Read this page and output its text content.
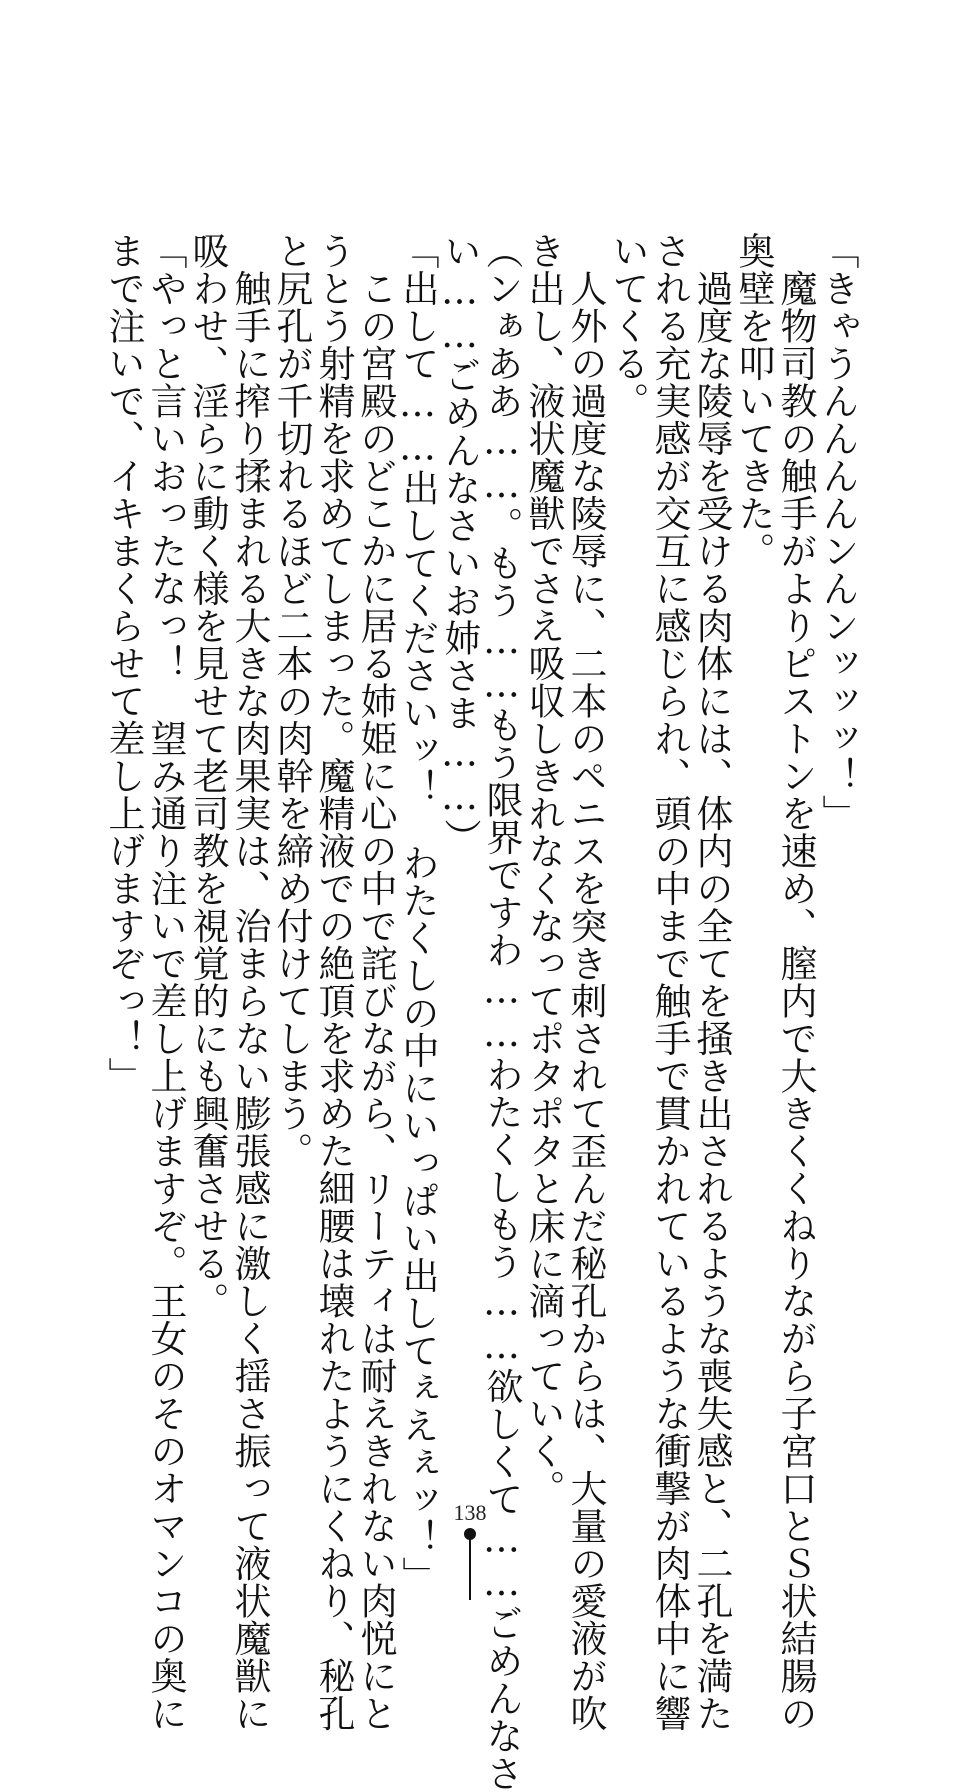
「きゃうんんんんンんンッッッ！」
　魔物司教の触手がよりピストンを速め、膣内で大きくくねりながら子宮口とＳ状結腸の
奥壁を叩いてきた。
　過度な陵辱を受ける肉体には、体内の全てを掻き出されるような喪失感と、二孔を満た
される充実感が交互に感じられ、頭の中まで触手で貫かれているような衝撃が肉体中に響
いてくる。
　人外の過度な陵辱に、二本のペニスを突き刺されて歪んだ秘孔からは、大量の愛液が吹
き出し、液状魔獣でさえ吸収しきれなくなってポタポタと床に滴っていく。
（ンぁああ……。もう……もう限界ですわ……わたくしもう……欲しくて……ごめんなさ
い……ごめんなさいお姉さま……）
「出して……出してくださいッ！　わたくしの中にいっぱい出してぇえぇッ！」
　この宮殿のどこかに居る姉姫に心の中で詫びながら、リーティは耐えきれない肉悦にと
うとう射精を求めてしまった。魔精液での絶頂を求めた細腰は壊れたようにくねり、秘孔
と尻孔が千切れるほど二本の肉幹を締め付けてしまう。
　触手に搾り揉まれる大きな肉果実は、治まらない膨張感に激しく揺さ振って液状魔獣に
吸わせ、淫らに動く様を見せて老司教を視覚的にも興奮させる。
「やっと言いおったなっ！　望み通り注いで差し上げますぞ。王女のそのオマンコの奥に
まで注いで、イキまくらせて差し上げますぞっ！」
138
